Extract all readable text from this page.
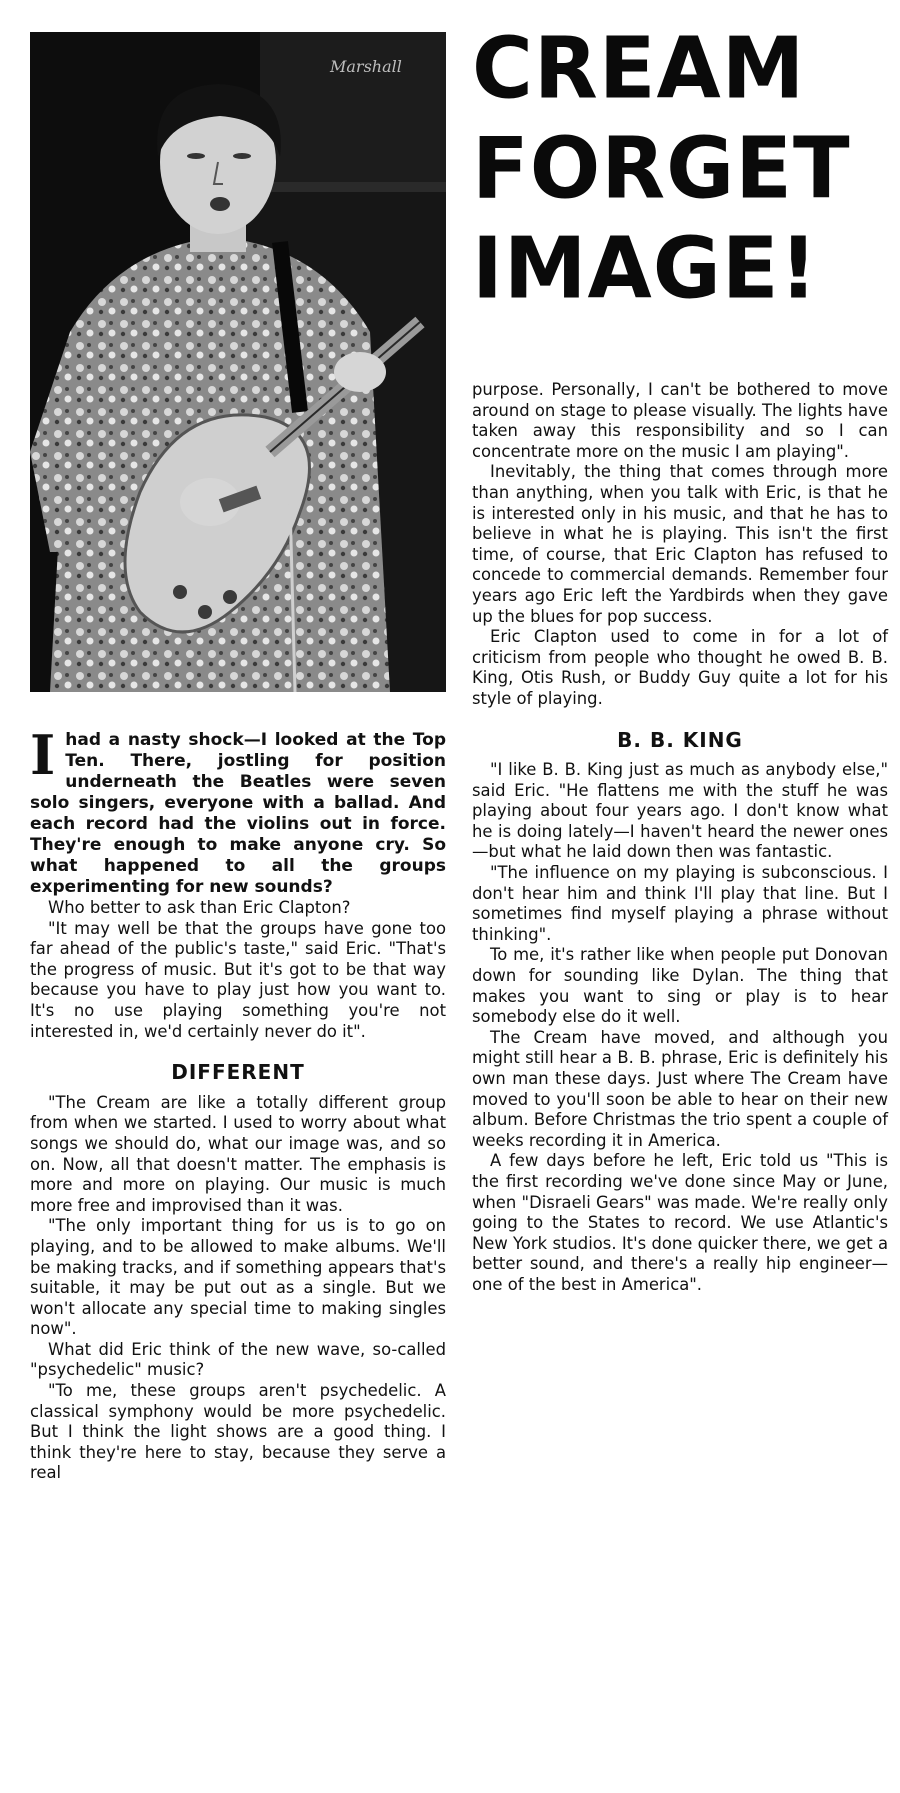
Marshall CREAM
FORGET
IMAGE!

I had a nasty shock—I looked at the Top Ten. There, jostling for position underneath the Beatles were seven solo singers, everyone with a ballad. And each record had the violins out in force. They're enough to make anyone cry. So what happened to all the groups experimenting for new sounds?

Who better to ask than Eric Clapton?

"It may well be that the groups have gone too far ahead of the public's taste," said Eric. "That's the progress of music. But it's got to be that way because you have to play just how you want to. It's no use playing something you're not interested in, we'd certainly never do it".

DIFFERENT

"The Cream are like a totally different group from when we started. I used to worry about what songs we should do, what our image was, and so on. Now, all that doesn't matter. The emphasis is more and more on playing. Our music is much more free and improvised than it was.

"The only important thing for us is to go on playing, and to be allowed to make albums. We'll be making tracks, and if something appears that's suitable, it may be put out as a single. But we won't allocate any special time to making singles now".

What did Eric think of the new wave, so-called "psychedelic" music?

"To me, these groups aren't psychedelic. A classical symphony would be more psychedelic. But I think the light shows are a good thing. I think they're here to stay, because they serve a real

purpose. Personally, I can't be bothered to move around on stage to please visually. The lights have taken away this responsibility and so I can concentrate more on the music I am playing".

Inevitably, the thing that comes through more than anything, when you talk with Eric, is that he is interested only in his music, and that he has to believe in what he is playing. This isn't the first time, of course, that Eric Clapton has refused to concede to commercial demands. Remember four years ago Eric left the Yardbirds when they gave up the blues for pop success.

Eric Clapton used to come in for a lot of criticism from people who thought he owed B. B. King, Otis Rush, or Buddy Guy quite a lot for his style of playing.

B. B. KING

"I like B. B. King just as much as anybody else," said Eric. "He flattens me with the stuff he was playing about four years ago. I don't know what he is doing lately—I haven't heard the newer ones—but what he laid down then was fantastic.

"The influence on my playing is subconscious. I don't hear him and think I'll play that line. But I sometimes find myself playing a phrase without thinking".

To me, it's rather like when people put Donovan down for sounding like Dylan. The thing that makes you want to sing or play is to hear somebody else do it well.

The Cream have moved, and although you might still hear a B. B. phrase, Eric is definitely his own man these days. Just where The Cream have moved to you'll soon be able to hear on their new album. Before Christmas the trio spent a couple of weeks recording it in America.

A few days before he left, Eric told us "This is the first recording we've done since May or June, when "Disraeli Gears" was made. We're really only going to the States to record. We use Atlantic's New York studios. It's done quicker there, we get a better sound, and there's a really hip engineer—one of the best in America".
